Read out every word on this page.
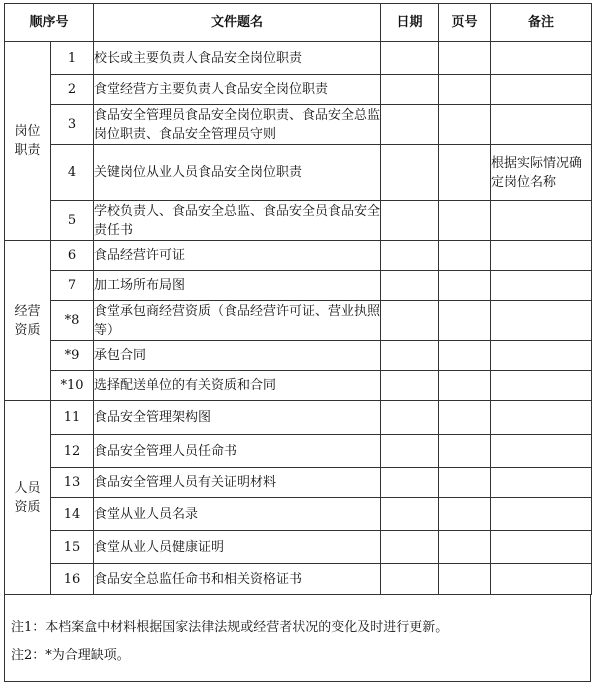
顺序号		文件题名	日期	页号	备注

岗位
职责	1	校长或主要负责人食品安全岗位职责			
	2	食堂经营方主要负责人食品安全岗位职责			
	3	食品安全管理员食品安全岗位职责、食品安全总监岗位职责、食品安全管理员守则			
	4	关键岗位从业人员食品安全岗位职责			根据实际情况确定岗位名称
	5	学校负责人、食品安全总监、食品安全员食品安全责任书			

经营
资质	6	食品经营许可证			
	7	加工场所布局图			
	*8	食堂承包商经营资质（食品经营许可证、营业执照等）			
	*9	承包合同			
	*10	选择配送单位的有关资质和合同			

人员
资质	11	食品安全管理架构图			
	12	食品安全管理人员任命书			
	13	食品安全管理人员有关证明材料			
	14	食堂从业人员名录			
	15	食堂从业人员健康证明			
	16	食品安全总监任命书和相关资格证书			
注1：本档案盒中材料根据国家法律法规或经营者状况的变化及时进行更新。
注2：*为合理缺项。
